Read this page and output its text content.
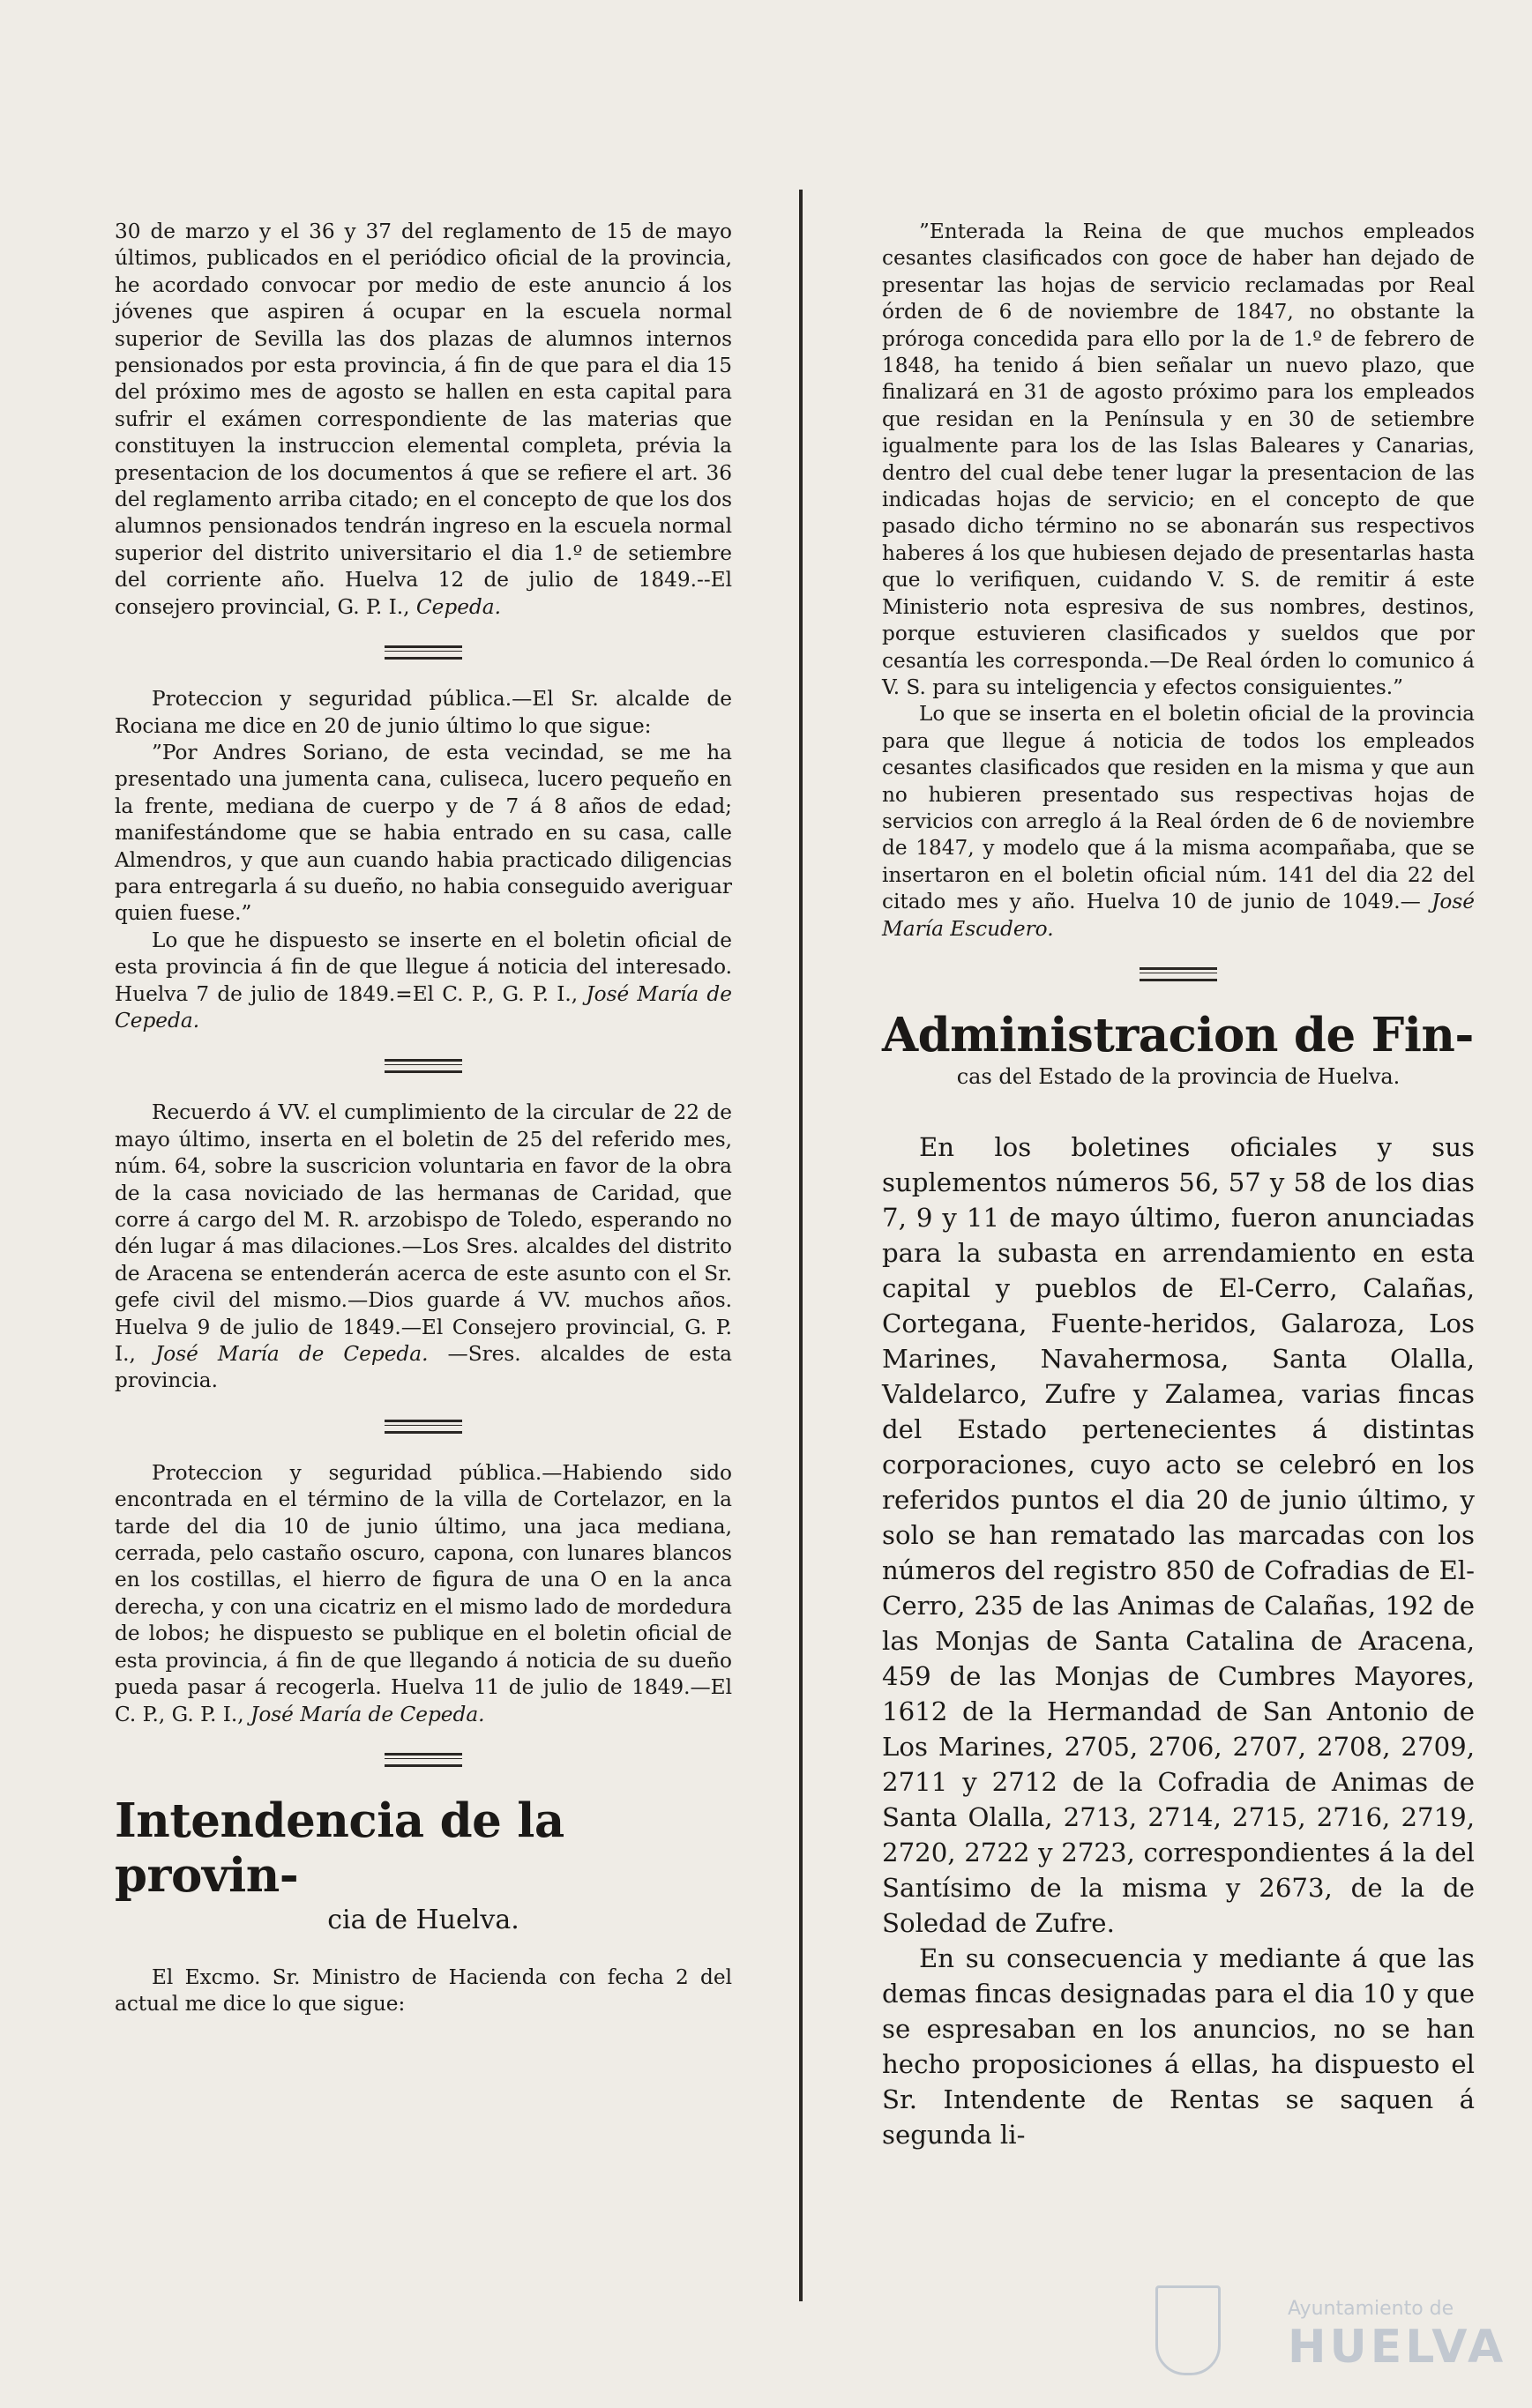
30 de marzo y el 36 y 37 del reglamento de 15 de mayo últimos, publicados en el periódico oficial de la provincia, he acordado convocar por medio de este anuncio á los jóvenes que aspiren á ocupar en la escuela normal superior de Sevilla las dos plazas de alumnos internos pensionados por esta provincia, á fin de que para el dia 15 del próximo mes de agosto se hallen en esta capital para sufrir el exámen correspondiente de las materias que constituyen la instruccion elemental completa, prévia la presentacion de los documentos á que se refiere el art. 36 del reglamento arriba citado; en el concepto de que los dos alumnos pensionados tendrán ingreso en la escuela normal superior del distrito universitario el dia 1.º de setiembre del corriente año. Huelva 12 de julio de 1849.--El consejero provincial, G. P. I., Cepeda.

Proteccion y seguridad pública.—El Sr. alcalde de Rociana me dice en 20 de junio último lo que sigue:

”Por Andres Soriano, de esta vecindad, se me ha presentado una jumenta cana, culiseca, lucero pequeño en la frente, mediana de cuerpo y de 7 á 8 años de edad; manifestándome que se habia entrado en su casa, calle Almendros, y que aun cuando habia practicado diligencias para entregarla á su dueño, no habia conseguido averiguar quien fuese.”

Lo que he dispuesto se inserte en el boletin oficial de esta provincia á fin de que llegue á noticia del interesado. Huelva 7 de julio de 1849.=El C. P., G. P. I., José María de Cepeda.

Recuerdo á VV. el cumplimiento de la circular de 22 de mayo último, inserta en el boletin de 25 del referido mes, núm. 64, sobre la suscricion voluntaria en favor de la obra de la casa noviciado de las hermanas de Caridad, que corre á cargo del M. R. arzobispo de Toledo, esperando no dén lugar á mas dilaciones.—Los Sres. alcaldes del distrito de Aracena se entenderán acerca de este asunto con el Sr. gefe civil del mismo.—Dios guarde á VV. muchos años. Huelva 9 de julio de 1849.—El Consejero provincial, G. P. I., José María de Cepeda. —Sres. alcaldes de esta provincia.

Proteccion y seguridad pública.—Habiendo sido encontrada en el término de la villa de Cortelazor, en la tarde del dia 10 de junio último, una jaca mediana, cerrada, pelo castaño oscuro, capona, con lunares blancos en los costillas, el hierro de figura de una O en la anca derecha, y con una cicatriz en el mismo lado de mordedura de lobos; he dispuesto se publique en el boletin oficial de esta provincia, á fin de que llegando á noticia de su dueño pueda pasar á recogerla. Huelva 11 de julio de 1849.—El C. P., G. P. I., José María de Cepeda.

Intendencia de la provin-
cia de Huelva.

El Excmo. Sr. Ministro de Hacienda con fecha 2 del actual me dice lo que sigue:

”Enterada la Reina de que muchos empleados cesantes clasificados con goce de haber han dejado de presentar las hojas de servicio reclamadas por Real órden de 6 de noviembre de 1847, no obstante la próroga concedida para ello por la de 1.º de febrero de 1848, ha tenido á bien señalar un nuevo plazo, que finalizará en 31 de agosto próximo para los empleados que residan en la Península y en 30 de setiembre igualmente para los de las Islas Baleares y Canarias, dentro del cual debe tener lugar la presentacion de las indicadas hojas de servicio; en el concepto de que pasado dicho término no se abonarán sus respectivos haberes á los que hubiesen dejado de presentarlas hasta que lo verifiquen, cuidando V. S. de remitir á este Ministerio nota espresiva de sus nombres, destinos, porque estuvieren clasificados y sueldos que por cesantía les corresponda.—De Real órden lo comunico á V. S. para su inteligencia y efectos consiguientes.”

Lo que se inserta en el boletin oficial de la provincia para que llegue á noticia de todos los empleados cesantes clasificados que residen en la misma y que aun no hubieren presentado sus respectivas hojas de servicios con arreglo á la Real órden de 6 de noviembre de 1847, y modelo que á la misma acompañaba, que se insertaron en el boletin oficial núm. 141 del dia 22 del citado mes y año. Huelva 10 de junio de 1049.— José María Escudero.

Administracion de Fin-
cas del Estado de la provincia de Huelva.

En los boletines oficiales y sus suplementos números 56, 57 y 58 de los dias 7, 9 y 11 de mayo último, fueron anunciadas para la subasta en arrendamiento en esta capital y pueblos de El-Cerro, Calañas, Cortegana, Fuente-heridos, Galaroza, Los Marines, Navahermosa, Santa Olalla, Valdelarco, Zufre y Zalamea, varias fincas del Estado pertenecientes á distintas corporaciones, cuyo acto se celebró en los referidos puntos el dia 20 de junio último, y solo se han rematado las marcadas con los números del registro 850 de Cofradias de El-Cerro, 235 de las Animas de Calañas, 192 de las Monjas de Santa Catalina de Aracena, 459 de las Monjas de Cumbres Mayores, 1612 de la Hermandad de San Antonio de Los Marines, 2705, 2706, 2707, 2708, 2709, 2711 y 2712 de la Cofradia de Animas de Santa Olalla, 2713, 2714, 2715, 2716, 2719, 2720, 2722 y 2723, correspondientes á la del Santísimo de la misma y 2673, de la de Soledad de Zufre.

En su consecuencia y mediante á que las demas fincas designadas para el dia 10 y que se espresaban en los anuncios, no se han hecho proposiciones á ellas, ha dispuesto el Sr. Intendente de Rentas se saquen á segunda li-

Ayuntamiento de
HUELVA
